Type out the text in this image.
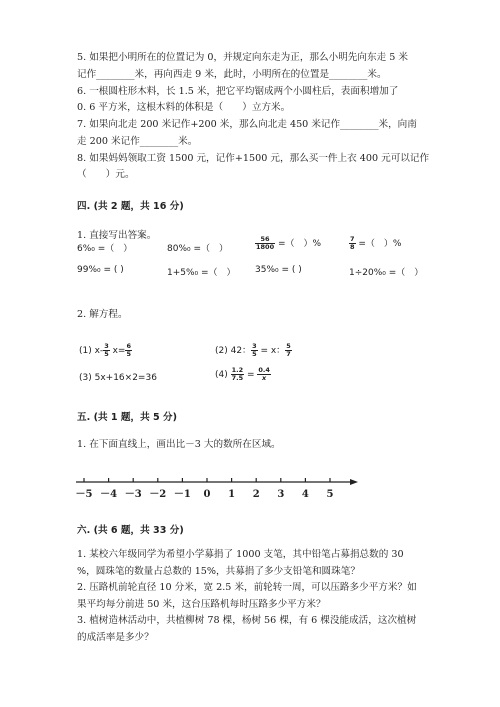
5. 如果把小明所在的位置记为 0，并规定向东走为正，那么小明先向东走 5 米
记作________米，再向西走 9 米，此时，小明所在的位置是________米。
6. 一根圆柱形木料，长 1.5 米，把它平均锯成两个小圆柱后，表面积增加了
0. 6 平方米，这根木料的体积是（　　）立方米。
7. 如果向北走 200 米记作+200 米，那么向北走 450 米记作________米，向南
走 200 米记作________米。
8. 如果妈妈领取工资 1500 元，记作+1500 元，那么买一件上衣 400 元可以记作
（　　）元。
四. (共 2 题，共 16 分)
1. 直接写出答案。
6%₀ =（　）	80%₀ =（　）	$\frac{56}{1800}$ =（　）%	$\frac{7}{8}$ =（　）%
99%₀ = ( )	1+5%₀ =（　） 35%₀ = ( )	1÷20%₀ =（　）
2. 解方程。
(1) $x- \frac{3}{5} x= \frac{6}{5}$	(2) 42： $\frac{3}{5} = x$： $\frac{5}{7}$
(3) 5x+16×2=36	$(4) \frac{1.2}{7.5} = \frac{0.4}{x}$
五. (共 1 题，共 5 分)
1. 在下面直线上，画出比－3 大的数所在区域。
－5 －4 －3 －2 －1 0 1 2 3 4 5
六. (共 6 题，共 33 分)
1. 某校六年级同学为希望小学募捐了 1000 支笔，其中铅笔占募捐总数的 30
%，圆珠笔的数量占总数的 15%，共募捐了多少支铅笔和圆珠笔？
2. 压路机前轮直径 10 分米，宽 2.5 米，前轮转一周，可以压路多少平方米？如
果平均每分前进 50 米，这台压路机每时压路多少平方米？
3. 植树造林活动中，共植柳树 78 棵，杨树 56 棵，有 6 棵没能成活，这次植树
的成活率是多少？
